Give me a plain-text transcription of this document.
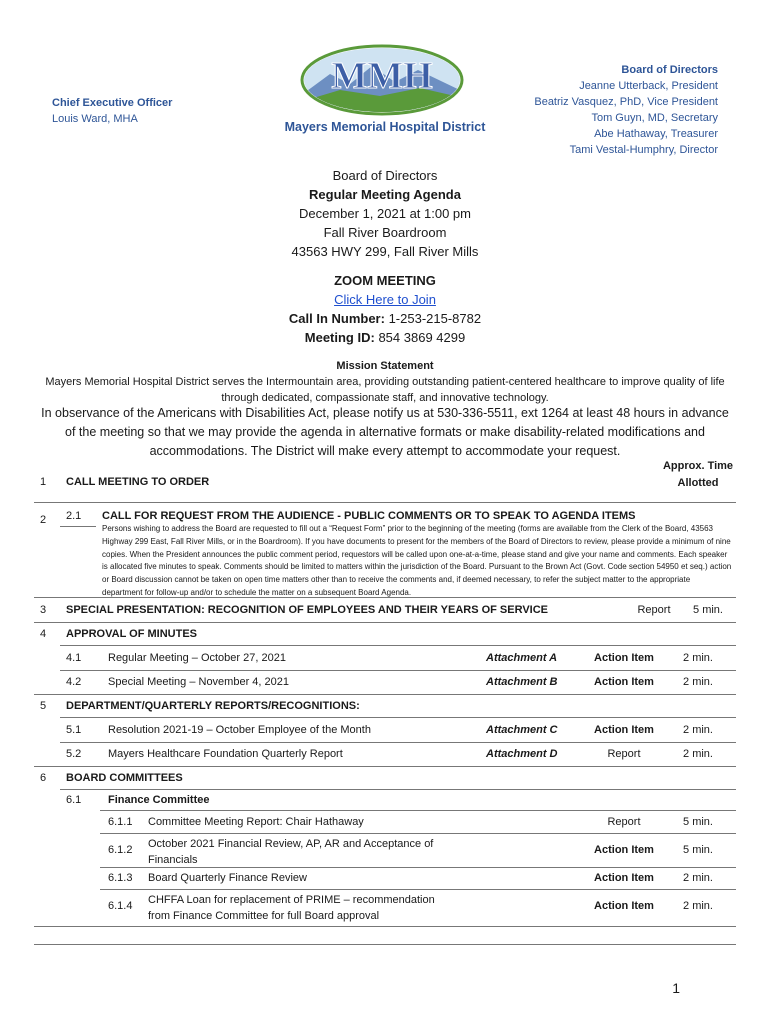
Chief Executive Officer
Louis Ward, MHA
MMH
Mayers Memorial Hospital District
Board of Directors
Jeanne Utterback, President
Beatriz Vasquez, PhD, Vice President
Tom Guyn, MD, Secretary
Abe Hathaway, Treasurer
Tami Vestal-Humphry, Director
Board of Directors
Regular Meeting Agenda
December 1, 2021 at 1:00 pm
Fall River Boardroom
43563 HWY 299, Fall River Mills
ZOOM MEETING
Click Here to Join
Call In Number: 1-253-215-8782
Meeting ID: 854 3869 4299
Mission Statement
Mayers Memorial Hospital District serves the Intermountain area, providing outstanding patient-centered healthcare to improve quality of life through dedicated, compassionate staff, and innovative technology.
In observance of the Americans with Disabilities Act, please notify us at 530-336-5511, ext 1264 at least 48 hours in advance of the meeting so that we may provide the agenda in alternative formats or make disability-related modifications and accommodations. The District will make every attempt to accommodate your request.
Approx. Time Allotted
1 CALL MEETING TO ORDER
2 2.1 CALL FOR REQUEST FROM THE AUDIENCE - PUBLIC COMMENTS OR TO SPEAK TO AGENDA ITEMS
Persons wishing to address the Board are requested to fill out a “Request Form” prior to the beginning of the meeting (forms are available from the Clerk of the Board, 43563 Highway 299 East, Fall River Mills, or in the Boardroom). If you have documents to present for the members of the Board of Directors to review, please provide a minimum of nine copies. When the President announces the public comment period, requestors will be called upon one-at-a-time, please stand and give your name and comments. Each speaker is allocated five minutes to speak. Comments should be limited to matters within the jurisdiction of the Board. Pursuant to the Brown Act (Govt. Code section 54950 et seq.) action or Board discussion cannot be taken on open time matters other than to receive the comments and, if deemed necessary, to refer the subject matter to the appropriate department for follow-up and/or to schedule the matter on a subsequent Board Agenda.
3 SPECIAL PRESENTATION: RECOGNITION OF EMPLOYEES AND THEIR YEARS OF SERVICE	Report	5 min.
4 APPROVAL OF MINUTES
4.1 Regular Meeting – October 27, 2021	Attachment A	Action Item	2 min.
4.2 Special Meeting – November 4, 2021	Attachment B	Action Item	2 min.
5 DEPARTMENT/QUARTERLY REPORTS/RECOGNITIONS:
5.1 Resolution 2021-19 – October Employee of the Month	Attachment C	Action Item	2 min.
5.2 Mayers Healthcare Foundation Quarterly Report	Attachment D	Report	2 min.
6 BOARD COMMITTEES
6.1 Finance Committee
6.1.1 Committee Meeting Report: Chair Hathaway	Report	5 min.
6.1.2 October 2021 Financial Review, AP, AR and Acceptance of Financials
Action Item	5 min.
6.1.3 Board Quarterly Finance Review	Action Item	2 min.
6.1.4 CHFFA Loan for replacement of PRIME – recommendation from Finance Committee for full Board approval
Action Item	2 min.
1
